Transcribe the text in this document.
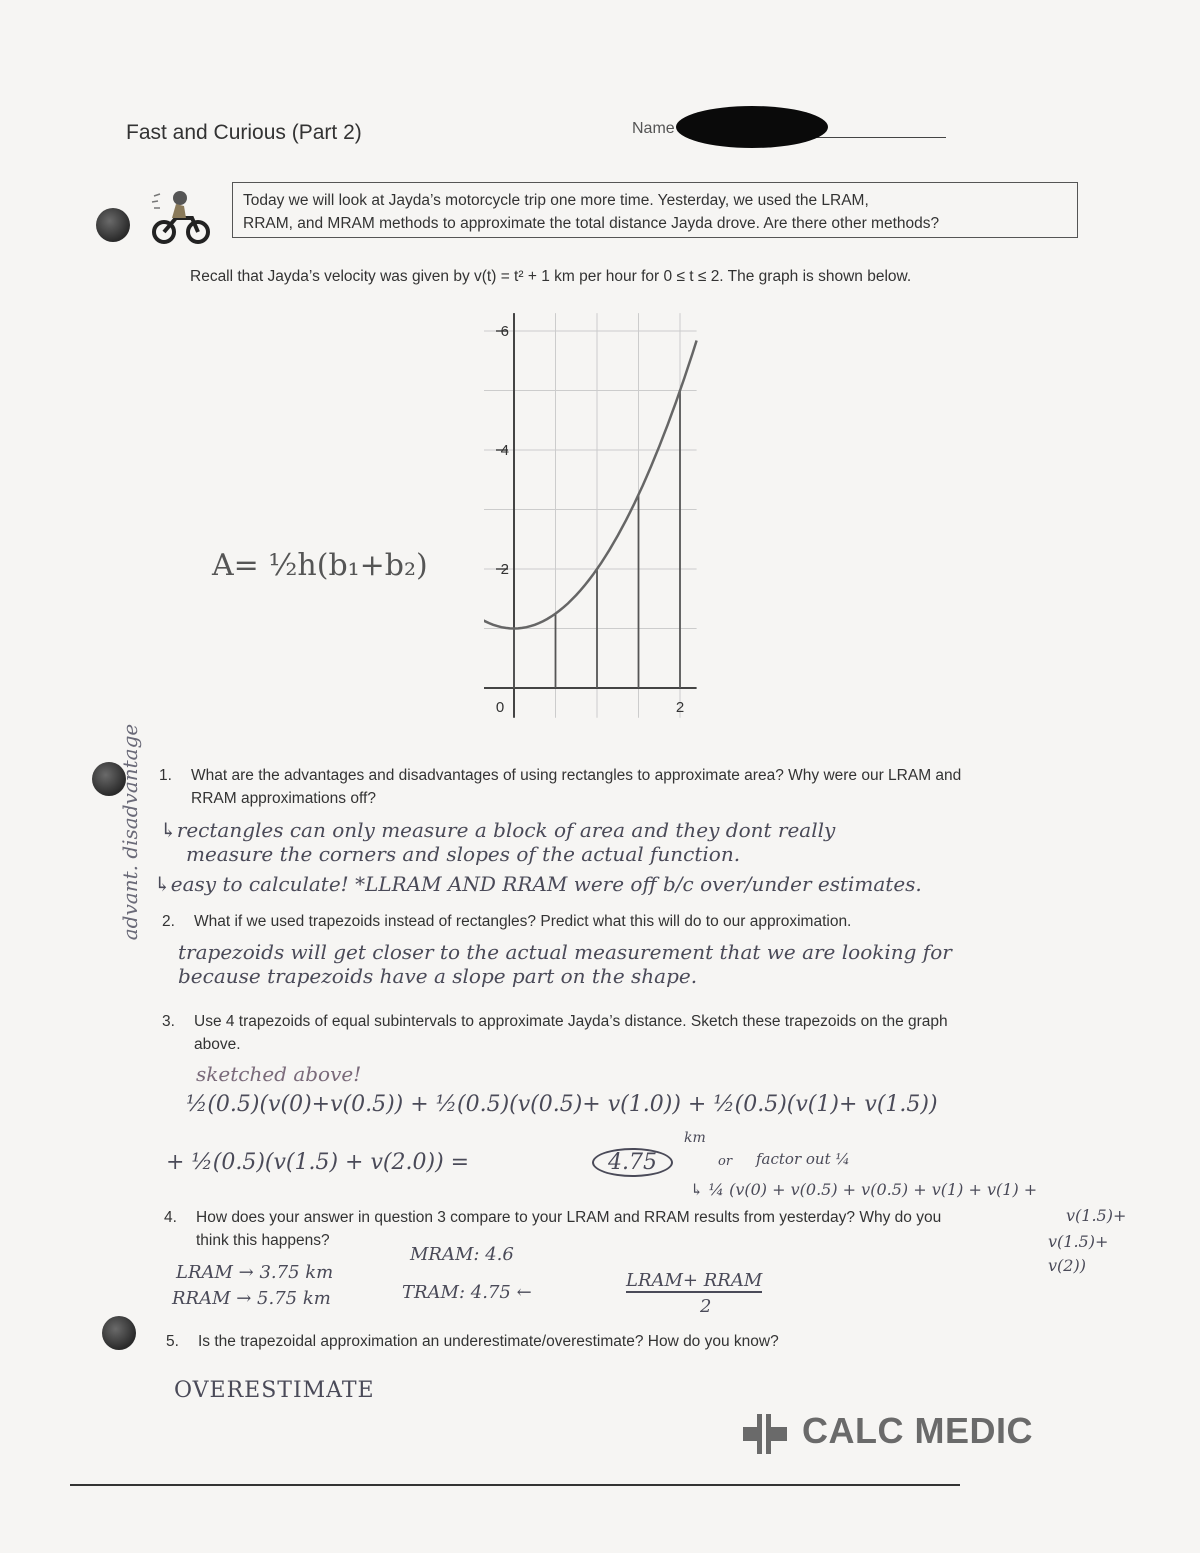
Fast and Curious (Part 2)	Name
Today we will look at Jayda’s motorcycle trip one more time. Yesterday, we used the LRAM,
RRAM, and MRAM methods to approximate the total distance Jayda drove. Are there other methods?
Recall that Jayda’s velocity was given by v(t) = t² + 1 km per hour for 0 ≤ t ≤ 2. The graph is shown below.
6
4
2
0	2
A= ½h(b₁+b₂)
advant. disadvantage 1. What are the advantages and disadvantages of using rectangles to approximate area? Why were our LRAM and
RRAM approximations off?
↳rectangles can only measure a block of area and they dont really
measure the corners and slopes of the actual function.
↳easy to calculate! *LLRAM AND RRAM were off b/c over/under estimates.
2. What if we used trapezoids instead of rectangles? Predict what this will do to our approximation.
trapezoids will get closer to the actual measurement that we are looking for
because trapezoids have a slope part on the shape.
3. Use 4 trapezoids of equal subintervals to approximate Jayda’s distance. Sketch these trapezoids on the graph
above.
sketched above!
½(0.5)(v(0)+v(0.5)) + ½(0.5)(v(0.5)+ v(1.0)) + ½(0.5)(v(1)+ v(1.5))
+ ½(0.5)(v(1.5) + v(2.0)) =	4.75
km
or factor out ¼
↳ ¼ (v(0) + v(0.5) + v(0.5) + v(1) + v(1) +
v(1.5)+
v(1.5)+
v(2))
4. How does your answer in question 3 compare to your LRAM and RRAM results from yesterday? Why do you
think this happens?
LRAM → 3.75 km
RRAM → 5.75 km
MRAM: 4.6
TRAM: 4.75 ←
LRAM+ RRAM
2
5. Is the trapezoidal approximation an underestimate/overestimate? How do you know?
OVERESTIMATE
CALC MEDIC
